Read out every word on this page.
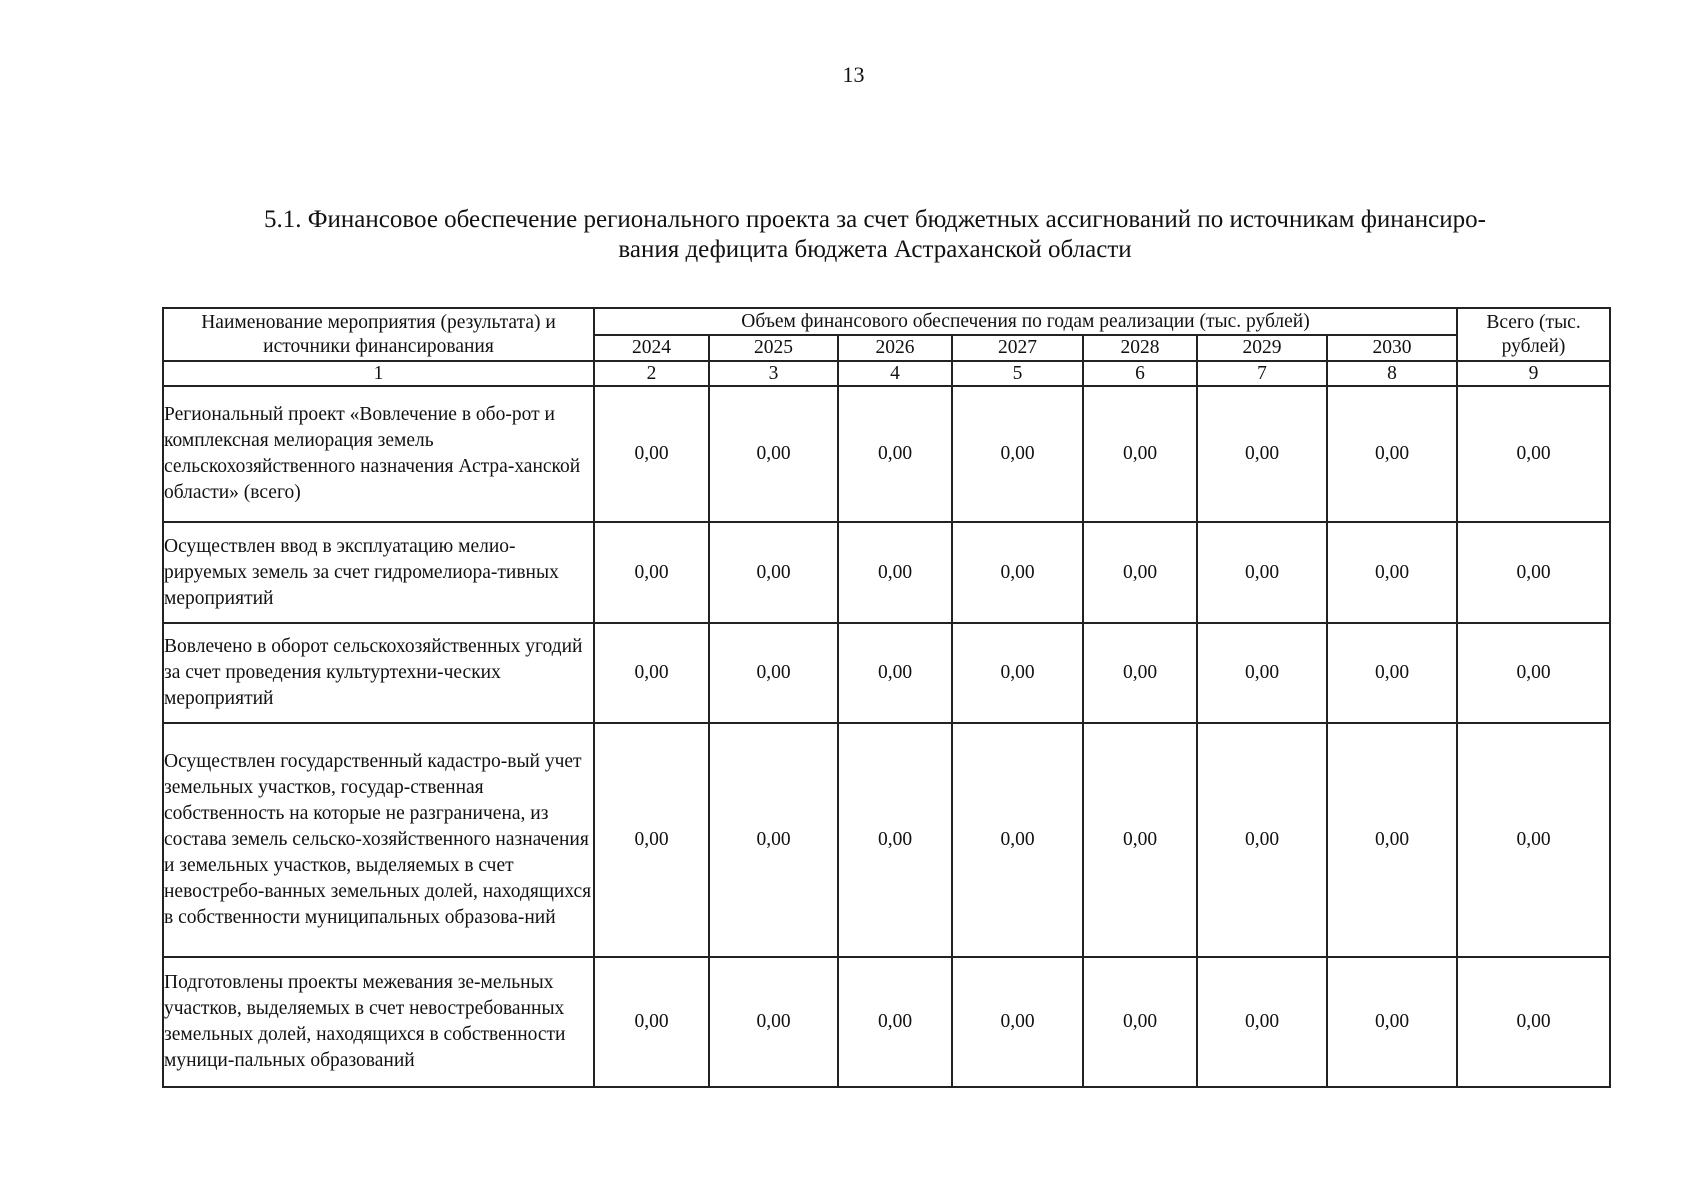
13
5.1. Финансовое обеспечение регионального проекта за счет бюджетных ассигнований по источникам финансиро-
вания дефицита бюджета Астраханской области
Наименование мероприятия (результата) и источники финансирования	Объем финансового обеспечения по годам реализации (тыс. рублей)							Всего (тыс. рублей)
	2024	2025	2026	2027	2028	2029	2030	
1	2	3	4	5	6	7	8	9
Региональный проект «Вовлечение в обо-рот и комплексная мелиорация земель сельскохозяйственного назначения Астра-ханской области» (всего)	0,00	0,00	0,00	0,00	0,00	0,00	0,00	0,00
Осуществлен ввод в эксплуатацию мелио-рируемых земель за счет гидромелиора-тивных мероприятий	0,00	0,00	0,00	0,00	0,00	0,00	0,00	0,00
Вовлечено в оборот сельскохозяйственных угодий за счет проведения культуртехни-ческих мероприятий	0,00	0,00	0,00	0,00	0,00	0,00	0,00	0,00
Осуществлен государственный кадастро-вый учет земельных участков, государ-ственная собственность на которые не разграничена, из состава земель сельско-хозяйственного назначения и земельных участков, выделяемых в счет невостребо-ванных земельных долей, находящихся в собственности муниципальных образова-ний	0,00	0,00	0,00	0,00	0,00	0,00	0,00	0,00
Подготовлены проекты межевания зе-мельных участков, выделяемых в счет невостребованных земельных долей, находящихся в собственности муници-пальных образований	0,00	0,00	0,00	0,00	0,00	0,00	0,00	0,00
